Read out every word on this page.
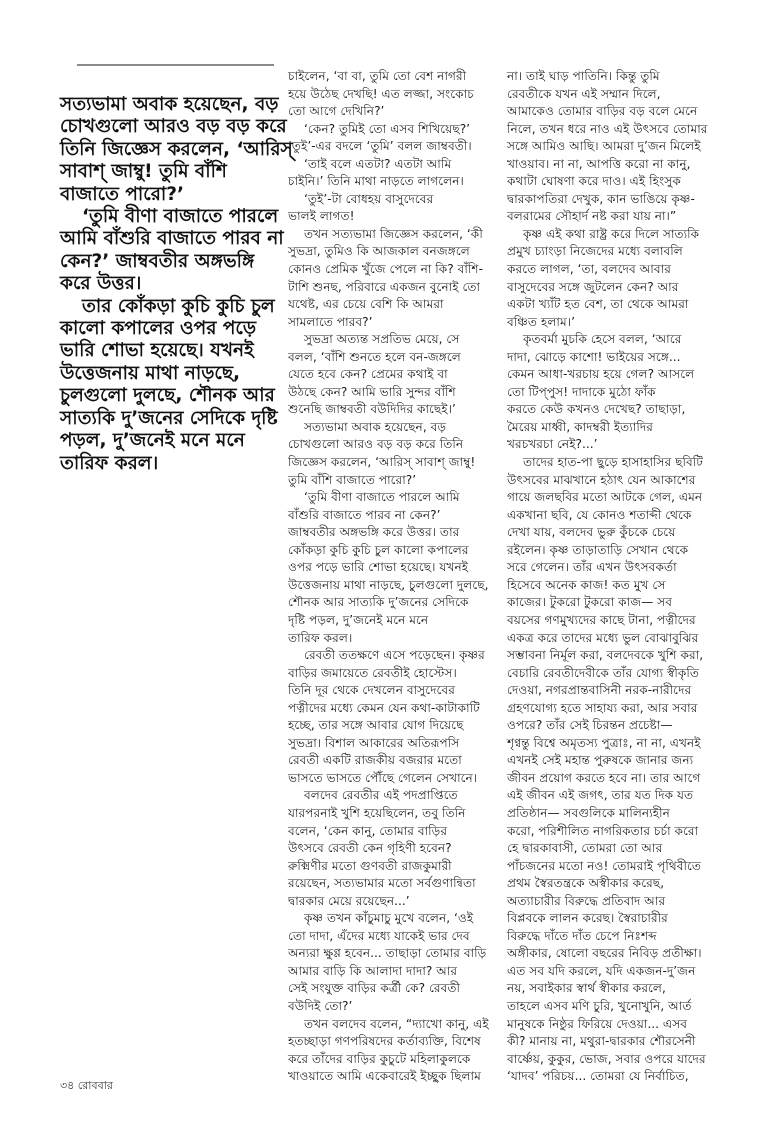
সত্যভামা অবাক হয়েছেন, বড়
চোখগুলো আরও বড় বড় করে
তিনি জিজ্ঞেস করলেন, ‘আরিস্
সাবাশ্ জাম্বু! তুমি বাঁশি
বাজাতে পারো?’
‘তুমি বীণা বাজাতে পারলে
আমি বাঁশুরি বাজাতে পারব না
কেন?’ জাম্ববতীর অঙ্গভঙ্গি
করে উত্তর।
তার কোঁকড়া কুচি কুচি চুল
কালো কপালের ওপর পড়ে
ভারি শোভা হয়েছে। যখনই
উত্তেজনায় মাথা নাড়ছে,
চুলগুলো দুলছে, শৌনক আর
সাত্যকি দু’জনের সেদিকে দৃষ্টি
পড়ল, দু’জনেই মনে মনে
তারিফ করল।
চাইলেন, ‘বা বা, তুমি তো বেশ নাগরী
হয়ে উঠেছ দেখছি! এত লজ্জা, সংকোচ
তো আগে দেখিনি?’
‘কেন? তুমিই তো এসব শিখিয়েছ?’
‘তুই’-এর বদলে ‘তুমি’ বলল জাম্ববতী।
‘তাই বলে এতটা? এতটা আমি
চাইনি।’ তিনি মাথা নাড়তে লাগলেন।
‘তুই’-টা বোধহয় বাসুদেবের
ভালই লাগত!
তখন সত্যভামা জিজ্ঞেস করলেন, ‘কী
সুভদ্রা, তুমিও কি আজকাল বনজঙ্গলে
কোনও প্রেমিক খুঁজে পেলে না কি? বাঁশি-
টাশি শুনছ, পরিবারে একজন বুনোই তো
যথেষ্ট, এর চেয়ে বেশি কি আমরা
সামলাতে পারব?’
সুভদ্রা অত্যন্ত সপ্রতিভ মেয়ে, সে
বলল, ‘বাঁশি শুনতে হলে বন-জঙ্গলে
যেতে হবে কেন? প্রেমের কথাই বা
উঠছে কেন? আমি ভারি সুন্দর বাঁশি
শুনেছি জাম্ববতী বউদিদির কাছেই।’
সত্যভামা অবাক হয়েছেন, বড়
চোখগুলো আরও বড় বড় করে তিনি
জিজ্ঞেস করলেন, ‘আরিস্ সাবাশ্ জাম্বু!
তুমি বাঁশি বাজাতে পারো?’
‘তুমি বীণা বাজাতে পারলে আমি
বাঁশুরি বাজাতে পারব না কেন?’
জাম্ববতীর অঙ্গভঙ্গি করে উত্তর। তার
কোঁকড়া কুচি কুচি চুল কালো কপালের
ওপর পড়ে ভারি শোভা হয়েছে। যখনই
উত্তেজনায় মাথা নাড়ছে, চুলগুলো দুলছে,
শৌনক আর সাত্যকি দু’জনের সেদিকে
দৃষ্টি পড়ল, দু’জনেই মনে মনে
তারিফ করল।
রেবতী ততক্ষণে এসে পড়েছেন। কৃষ্ণর
বাড়ির জমায়েতে রেবতীই হোস্টেস।
তিনি দূর থেকে দেখলেন বাসুদেবের
পত্নীদের মধ্যে কেমন যেন কথা-কাটাকাটি
হচ্ছে, তার সঙ্গে আবার যোগ দিয়েছে
সুভদ্রা। বিশাল আকারের অতিরূপসি
রেবতী একটি রাজকীয় বজরার মতো
ভাসতে ভাসতে পৌঁছে গেলেন সেখানে।
বলদেব রেবতীর এই পদপ্রাপ্তিতে
যারপরনাই খুশি হয়েছিলেন, তবু তিনি
বলেন, ‘কেন কানু, তোমার বাড়ির
উৎসবে রেবতী কেন গৃহিণী হবেন?
রুক্মিণীর মতো গুণবতী রাজকুমারী
রয়েছেন, সত্যভামার মতো সর্বগুণান্বিতা
দ্বারকার মেয়ে রয়েছেন...’
কৃষ্ণ তখন কাঁচুমাচু মুখে বলেন, ‘ওই
তো দাদা, এঁদের মধ্যে যাকেই ভার দেব
অন্যরা ক্ষুণ্ণ হবেন... তাছাড়া তোমার বাড়ি
আমার বাড়ি কি আলাদা দাদা? আর
সেই সংযুক্ত বাড়ির কর্ত্রী কে? রেবতী
বউদিই তো?’
তখন বলদেব বলেন, “দ্যাখো কানু, এই
হতচ্ছাড়া গণপরিষদের কর্তাব্যক্তি, বিশেষ
করে তাঁদের বাড়ির কুচুটে মহিলাকুলকে
খাওয়াতে আমি একেবারেই ইচ্ছুক ছিলাম
না। তাই ঘাড় পাতিনি। কিন্তু তুমি
রেবতীকে যখন এই সম্মান দিলে,
আমাকেও তোমার বাড়ির বড় বলে মেনে
নিলে, তখন ধরে নাও এই উৎসবে তোমার
সঙ্গে আমিও আছি। আমরা দু’জন মিলেই
খাওয়াব। না না, আপত্তি করো না কানু,
কথাটা ঘোষণা করে দাও। এই হিংসুক
দ্বারকাপতিরা দেখুক, কান ভাঙিয়ে কৃষ্ণ-
বলরামের সৌহার্দ নষ্ট করা যায় না।”
কৃষ্ণ এই কথা রাষ্ট্র করে দিলে সাত্যকি
প্রমুখ চ্যাংড়া নিজেদের মধ্যে বলাবলি
করতে লাগল, ‘তা, বলদেব আবার
বাসুদেবের সঙ্গে জুটলেন কেন? আর
একটা খ্যাঁট হত বেশ, তা থেকে আমরা
বঞ্চিত হলাম।’
কৃতবর্মা মুচকি হেসে বলল, ‘আরে
দাদা, ঝোড়ে কাশো! ভাইয়ের সঙ্গে...
কেমন আধা-খরচায় হয়ে গেল? আসলে
তো টিপ্‌পুস! দাদাকে মুঠো ফাঁক
করতে কেউ কখনও দেখেছ? তাছাড়া,
মৈরেয় মাধ্বী, কাদম্বরী ইত্যাদির
খরচখরচা নেই?...’
তাদের হাত-পা ছুড়ে হাসাহাসির ছবিটি
উৎসবের মাঝখানে হঠাৎ যেন আকাশের
গায়ে জলছবির মতো আটকে গেল, এমন
একখানা ছবি, যে কোনও শতাব্দী থেকে
দেখা যায়, বলদেব ভুরু কুঁচকে চেয়ে
রইলেন। কৃষ্ণ তাড়াতাড়ি সেখান থেকে
সরে গেলেন। তাঁর এখন উৎসবকর্তা
হিসেবে অনেক কাজ! কত মুখ সে
কাজের। টুকরো টুকরো কাজ— সব
বয়সের গণমুখ্যদের কাছে টানা, পত্নীদের
একত্র করে তাদের মধ্যে ভুল বোঝাবুঝির
সম্ভাবনা নির্মূল করা, বলদেবকে খুশি করা,
বেচারি রেবতীদেবীকে তাঁর যোগ্য স্বীকৃতি
দেওয়া, নগরপ্রান্তবাসিনী নরক-নারীদের
গ্রহণযোগ্য হতে সাহায্য করা, আর সবার
ওপরে? তাঁর সেই চিরন্তন প্রচেষ্টা—
শৃণ্বন্তু বিশ্বে অমৃতস্য পুত্রাঃ, না না, এখনই
এখনই সেই মহান্ত পুরুষকে জানার জন্য
জীবন প্রয়োগ করতে হবে না। তার আগে
এই জীবন এই জগৎ, তার যত দিক যত
প্রতিষ্ঠান— সবগুলিকে মালিন্যহীন
করো, পরিশীলিত নাগরিকতার চর্চা করো
হে দ্বারকাবাসী, তোমরা তো আর
পাঁচজনের মতো নও! তোমরাই পৃথিবীতে
প্রথম স্বৈরতন্ত্রকে অস্বীকার করেছ,
অত্যাচারীর বিরুদ্ধে প্রতিবাদ আর
বিপ্লবকে লালন করেছ। স্বৈরাচারীর
বিরুদ্ধে দাঁতে দাঁত চেপে নিঃশব্দ
অঙ্গীকার, ষোলো বছরের নিবিড় প্রতীক্ষা।
এত সব যদি করলে, যদি একজন-দু’জন
নয়, সবাইকার স্বার্থ স্বীকার করলে,
তাহলে এসব মণি চুরি, খুনোখুনি, আর্ত
মানুষকে নিষ্ঠুর ফিরিয়ে দেওয়া... এসব
কী? মানায় না, মথুরা-দ্বারকার শৌরসেনী
বার্ষ্ণেয়, কুকুর, ভোজ, সবার ওপরে যাদের
‘যাদব’ পরিচয়... তোমরা যে নির্বাচিত,
৩৪ রোববার
